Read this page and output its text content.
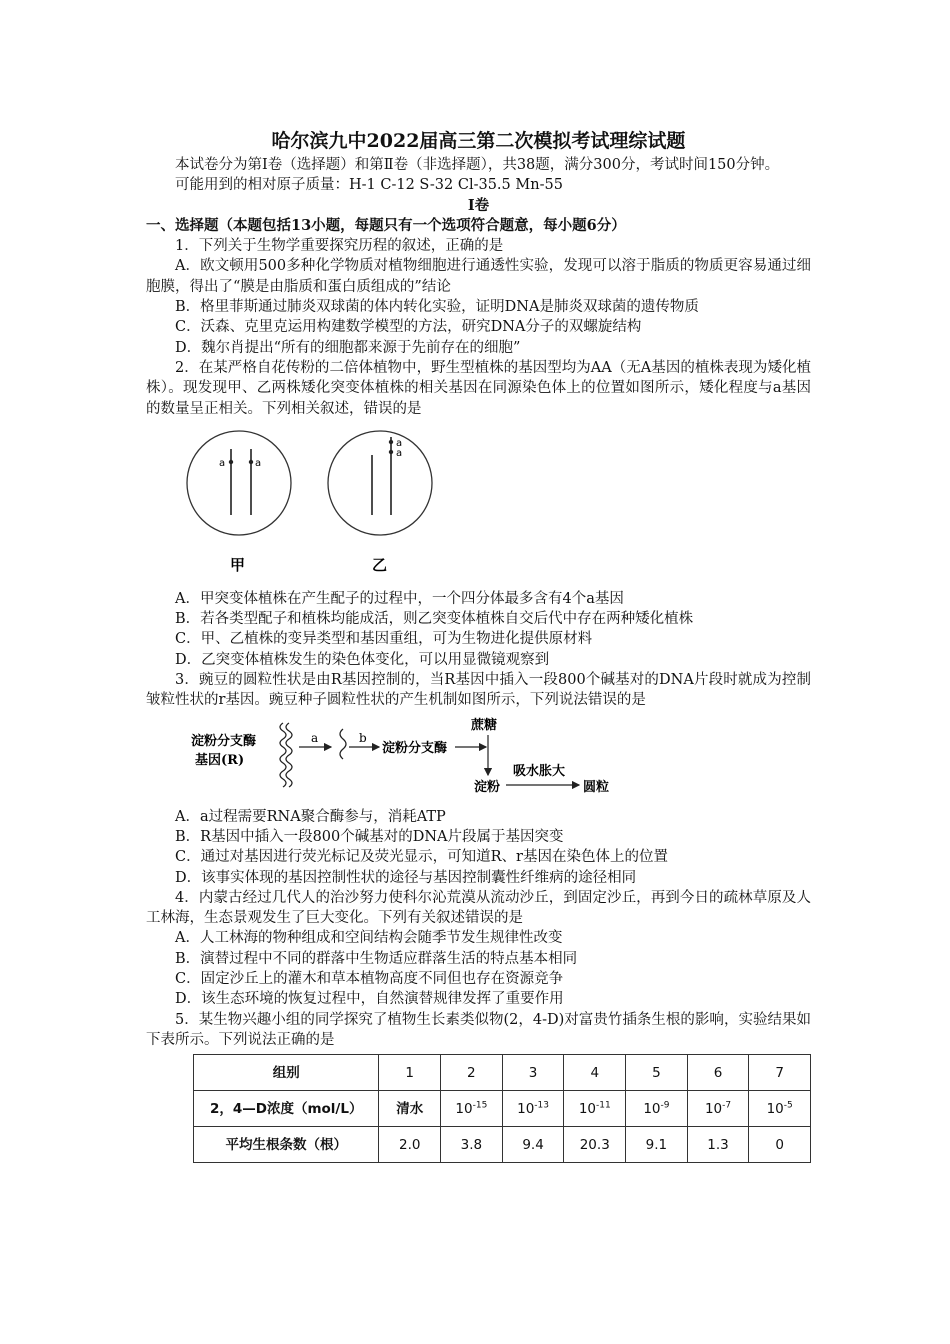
哈尔滨九中2022届高三第二次模拟考试理综试题

本试卷分为第Ⅰ卷（选择题）和第Ⅱ卷（非选择题），共38题，满分300分，考试时间150分钟。

可能用到的相对原子质量：H-1 C-12 S-32 Cl-35.5 Mn-55

Ⅰ卷

一、选择题（本题包括13小题，每题只有一个选项符合题意，每小题6分）

1．下列关于生物学重要探究历程的叙述，正确的是

A．欧文顿用500多种化学物质对植物细胞进行通透性实验，发现可以溶于脂质的物质更容易通过细胞膜，得出了“膜是由脂质和蛋白质组成的”结论

B．格里菲斯通过肺炎双球菌的体内转化实验，证明DNA是肺炎双球菌的遗传物质

C．沃森、克里克运用构建数学模型的方法，研究DNA分子的双螺旋结构

D．魏尔肖提出“所有的细胞都来源于先前存在的细胞”

2．在某严格自花传粉的二倍体植物中，野生型植株的基因型均为AA（无A基因的植株表现为矮化植株）。现发现甲、乙两株矮化突变体植株的相关基因在同源染色体上的位置如图所示，矮化程度与a基因的数量呈正相关。下列相关叙述，错误的是

a	a
a
a
甲	乙

A．甲突变体植株在产生配子的过程中，一个四分体最多含有4个a基因

B．若各类型配子和植株均能成活，则乙突变体植株自交后代中存在两种矮化植株

C．甲、乙植株的变异类型和基因重组，可为生物进化提供原材料

D．乙突变体植株发生的染色体变化，可以用显微镜观察到

3．豌豆的圆粒性状是由R基因控制的，当R基因中插入一段800个碱基对的DNA片段时就成为控制皱粒性状的r基因。豌豆种子圆粒性状的产生机制如图所示，下列说法错误的是

淀粉分支酶
基因(R)
a	b
淀粉分支酶
蔗糖
淀粉
吸水胀大
圆粒

A．a过程需要RNA聚合酶参与，消耗ATP

B．R基因中插入一段800个碱基对的DNA片段属于基因突变

C．通过对基因进行荧光标记及荧光显示，可知道R、r基因在染色体上的位置

D．该事实体现的基因控制性状的途径与基因控制囊性纤维病的途径相同

4．内蒙古经过几代人的治沙努力使科尔沁荒漠从流动沙丘，到固定沙丘，再到今日的疏林草原及人工林海，生态景观发生了巨大变化。下列有关叙述错误的是

A．人工林海的物种组成和空间结构会随季节发生规律性改变

B．演替过程中不同的群落中生物适应群落生活的特点基本相同

C．固定沙丘上的灌木和草本植物高度不同但也存在资源竞争

D．该生态环境的恢复过程中，自然演替规律发挥了重要作用

5．某生物兴趣小组的同学探究了植物生长素类似物(2，4-D)对富贵竹插条生根的影响，实验结果如下表所示。下列说法正确的是

组别	1	2	3	4	5	6	7
2，4—D浓度（mol/L）	清水	$10^{-15}$	$10^{-13}$	$10^{-11}$	$10^{-9}$	$10^{-7}$	$10^{-5}$
平均生根条数（根）	2.0	3.8	9.4	20.3	9.1	1.3	0
